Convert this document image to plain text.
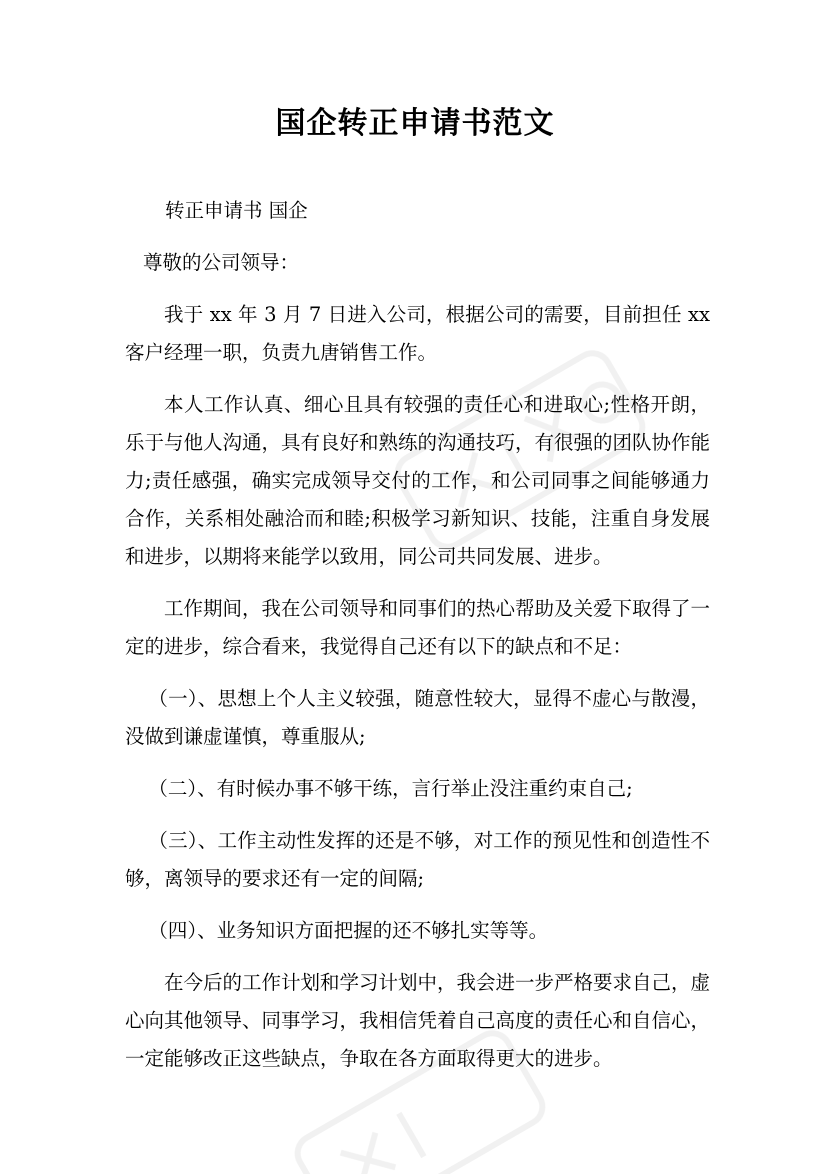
国企转正申请书范文

转正申请书 国企

尊敬的公司领导：

我于 xx 年 3 月 7 日进入公司，根据公司的需要，目前担任 xx 客户经理一职，负责九唐销售工作。

本人工作认真、细心且具有较强的责任心和进取心;性格开朗，乐于与他人沟通，具有良好和熟练的沟通技巧，有很强的团队协作能力;责任感强，确实完成领导交付的工作，和公司同事之间能够通力合作，关系相处融洽而和睦;积极学习新知识、技能，注重自身发展和进步，以期将来能学以致用，同公司共同发展、进步。

工作期间，我在公司领导和同事们的热心帮助及关爱下取得了一定的进步，综合看来，我觉得自己还有以下的缺点和不足：

（一）、思想上个人主义较强，随意性较大，显得不虚心与散漫，没做到谦虚谨慎，尊重服从;

（二）、有时候办事不够干练，言行举止没注重约束自己;

（三）、工作主动性发挥的还是不够，对工作的预见性和创造性不够，离领导的要求还有一定的间隔;

（四）、业务知识方面把握的还不够扎实等等。

在今后的工作计划和学习计划中，我会进一步严格要求自己，虚心向其他领导、同事学习，我相信凭着自己高度的责任心和自信心，一定能够改正这些缺点，争取在各方面取得更大的进步。
